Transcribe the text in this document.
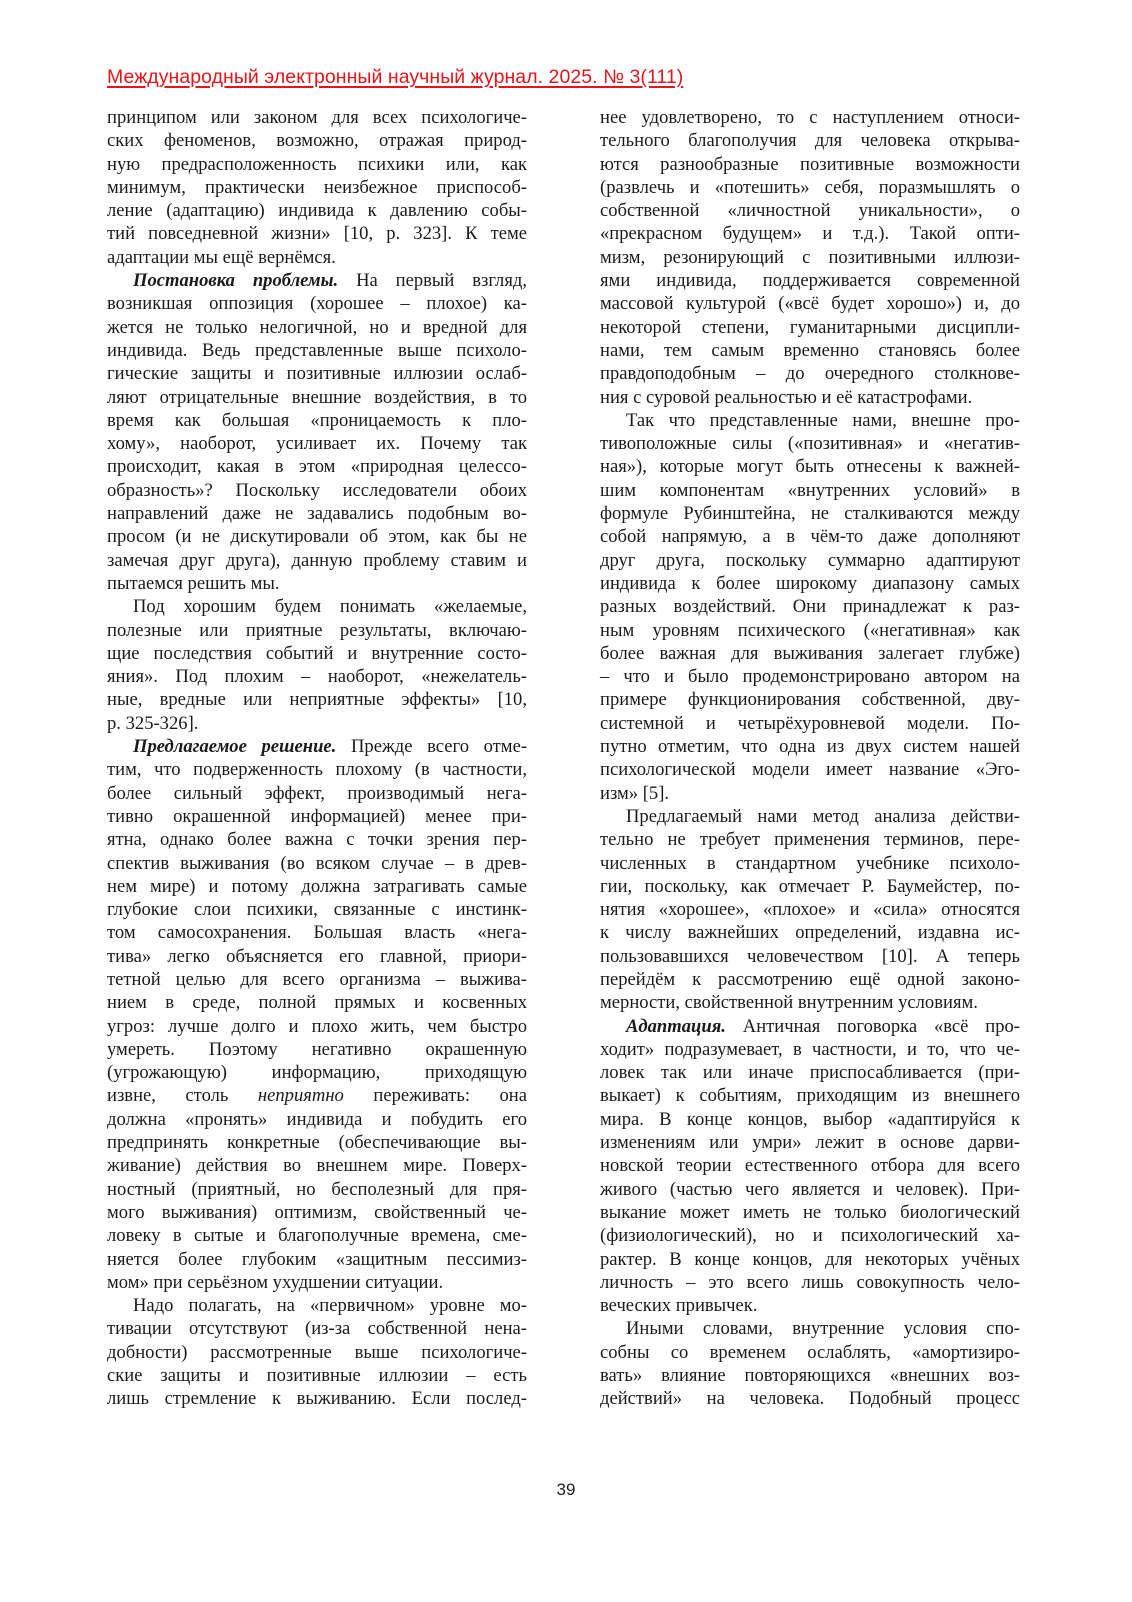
Международный электронный научный журнал. 2025. № 3(111)
принципом или законом для всех психологиче-
ских феноменов, возможно, отражая природ-
ную предрасположенность психики или, как
минимум, практически неизбежное приспособ-
ление (адаптацию) индивида к давлению собы-
тий повседневной жизни» [10, р. 323]. К теме
адаптации мы ещё вернёмся.
Постановка проблемы. На первый взгляд,
возникшая оппозиция (хорошее – плохое) ка-
жется не только нелогичной, но и вредной для
индивида. Ведь представленные выше психоло-
гические защиты и позитивные иллюзии ослаб-
ляют отрицательные внешние воздействия, в то
время как большая «проницаемость к пло-
хому», наоборот, усиливает их. Почему так
происходит, какая в этом «природная целессо-
образность»? Поскольку исследователи обоих
направлений даже не задавались подобным во-
просом (и не дискутировали об этом, как бы не
замечая друг друга), данную проблему ставим и
пытаемся решить мы.
Под хорошим будем понимать «желаемые,
полезные или приятные результаты, включаю-
щие последствия событий и внутренние состо-
яния». Под плохим – наоборот, «нежелатель-
ные, вредные или неприятные эффекты» [10,
р. 325-326].
Предлагаемое решение. Прежде всего отме-
тим, что подверженность плохому (в частности,
более сильный эффект, производимый нега-
тивно окрашенной информацией) менее при-
ятна, однако более важна с точки зрения пер-
спектив выживания (во всяком случае – в древ-
нем мире) и потому должна затрагивать самые
глубокие слои психики, связанные с инстинк-
том самосохранения. Большая власть «нега-
тива» легко объясняется его главной, приори-
тетной целью для всего организма – выжива-
нием в среде, полной прямых и косвенных
угроз: лучше долго и плохо жить, чем быстро
умереть. Поэтому негативно окрашенную
(угрожающую) информацию, приходящую
извне, столь неприятно переживать: она
должна «пронять» индивида и побудить его
предпринять конкретные (обеспечивающие вы-
живание) действия во внешнем мире. Поверх-
ностный (приятный, но бесполезный для пря-
мого выживания) оптимизм, свойственный че-
ловеку в сытые и благополучные времена, сме-
няется более глубоким «защитным пессимиз-
мом» при серьёзном ухудшении ситуации.
Надо полагать, на «первичном» уровне мо-
тивации отсутствуют (из-за собственной нена-
добности) рассмотренные выше психологиче-
ские защиты и позитивные иллюзии – есть
лишь стремление к выживанию. Если послед-
нее удовлетворено, то с наступлением относи-
тельного благополучия для человека открыва-
ются разнообразные позитивные возможности
(развлечь и «потешить» себя, поразмышлять о
собственной «личностной уникальности», о
«прекрасном будущем» и т.д.). Такой опти-
мизм, резонирующий с позитивными иллюзи-
ями индивида, поддерживается современной
массовой культурой («всё будет хорошо») и, до
некоторой степени, гуманитарными дисципли-
нами, тем самым временно становясь более
правдоподобным – до очередного столкнове-
ния с суровой реальностью и её катастрофами.
Так что представленные нами, внешне про-
тивоположные силы («позитивная» и «негатив-
ная»), которые могут быть отнесены к важней-
шим компонентам «внутренних условий» в
формуле Рубинштейна, не сталкиваются между
собой напрямую, а в чём-то даже дополняют
друг друга, поскольку суммарно адаптируют
индивида к более широкому диапазону самых
разных воздействий. Они принадлежат к раз-
ным уровням психического («негативная» как
более важная для выживания залегает глубже)
– что и было продемонстрировано автором на
примере функционирования собственной, дву-
системной и четырёхуровневой модели. По-
путно отметим, что одна из двух систем нашей
психологической модели имеет название «Эго-
изм» [5].
Предлагаемый нами метод анализа действи-
тельно не требует применения терминов, пере-
численных в стандартном учебнике психоло-
гии, поскольку, как отмечает Р. Баумейстер, по-
нятия «хорошее», «плохое» и «сила» относятся
к числу важнейших определений, издавна ис-
пользовавшихся человечеством [10]. А теперь
перейдём к рассмотрению ещё одной законо-
мерности, свойственной внутренним условиям.
Адаптация. Античная поговорка «всё про-
ходит» подразумевает, в частности, и то, что че-
ловек так или иначе приспосабливается (при-
выкает) к событиям, приходящим из внешнего
мира. В конце концов, выбор «адаптируйся к
изменениям или умри» лежит в основе дарви-
новской теории естественного отбора для всего
живого (частью чего является и человек). При-
выкание может иметь не только биологический
(физиологический), но и психологический ха-
рактер. В конце концов, для некоторых учёных
личность – это всего лишь совокупность чело-
веческих привычек.
Иными словами, внутренние условия спо-
собны со временем ослаблять, «амортизиро-
вать» влияние повторяющихся «внешних воз-
действий» на человека. Подобный процесс
39
